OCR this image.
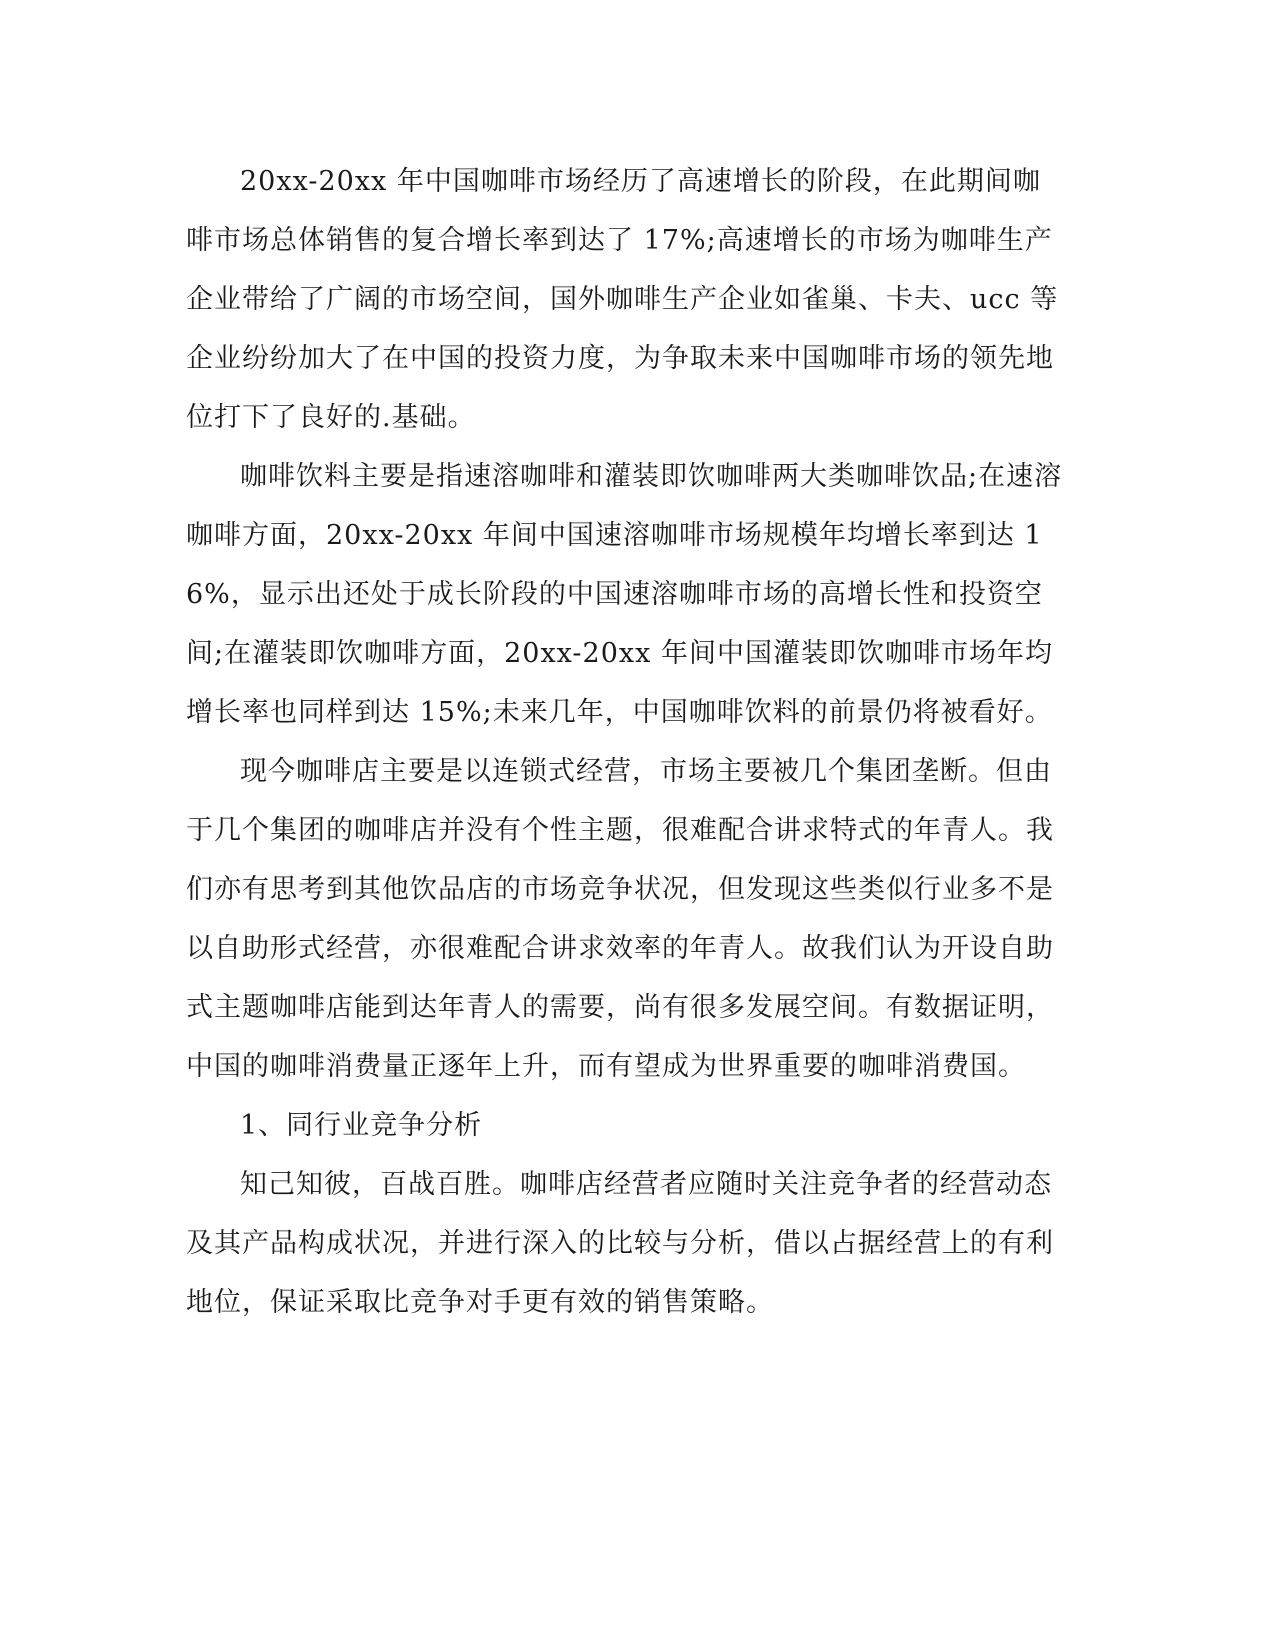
20xx-20xx 年中国咖啡市场经历了高速增长的阶段，在此期间咖啡市场总体销售的复合增长率到达了 17%;高速增长的市场为咖啡生产企业带给了广阔的市场空间，国外咖啡生产企业如雀巢、卡夫、ucc 等企业纷纷加大了在中国的投资力度，为争取未来中国咖啡市场的领先地位打下了良好的.基础。

咖啡饮料主要是指速溶咖啡和灌装即饮咖啡两大类咖啡饮品;在速溶咖啡方面，20xx-20xx 年间中国速溶咖啡市场规模年均增长率到达 16%，显示出还处于成长阶段的中国速溶咖啡市场的高增长性和投资空间;在灌装即饮咖啡方面，20xx-20xx 年间中国灌装即饮咖啡市场年均增长率也同样到达 15%;未来几年，中国咖啡饮料的前景仍将被看好。

现今咖啡店主要是以连锁式经营，市场主要被几个集团垄断。但由于几个集团的咖啡店并没有个性主题，很难配合讲求特式的年青人。我们亦有思考到其他饮品店的市场竞争状况，但发现这些类似行业多不是以自助形式经营，亦很难配合讲求效率的年青人。故我们认为开设自助式主题咖啡店能到达年青人的需要，尚有很多发展空间。有数据证明，中国的咖啡消费量正逐年上升，而有望成为世界重要的咖啡消费国。

1、同行业竞争分析

知己知彼，百战百胜。咖啡店经营者应随时关注竞争者的经营动态及其产品构成状况，并进行深入的比较与分析，借以占据经营上的有利地位，保证采取比竞争对手更有效的销售策略。
